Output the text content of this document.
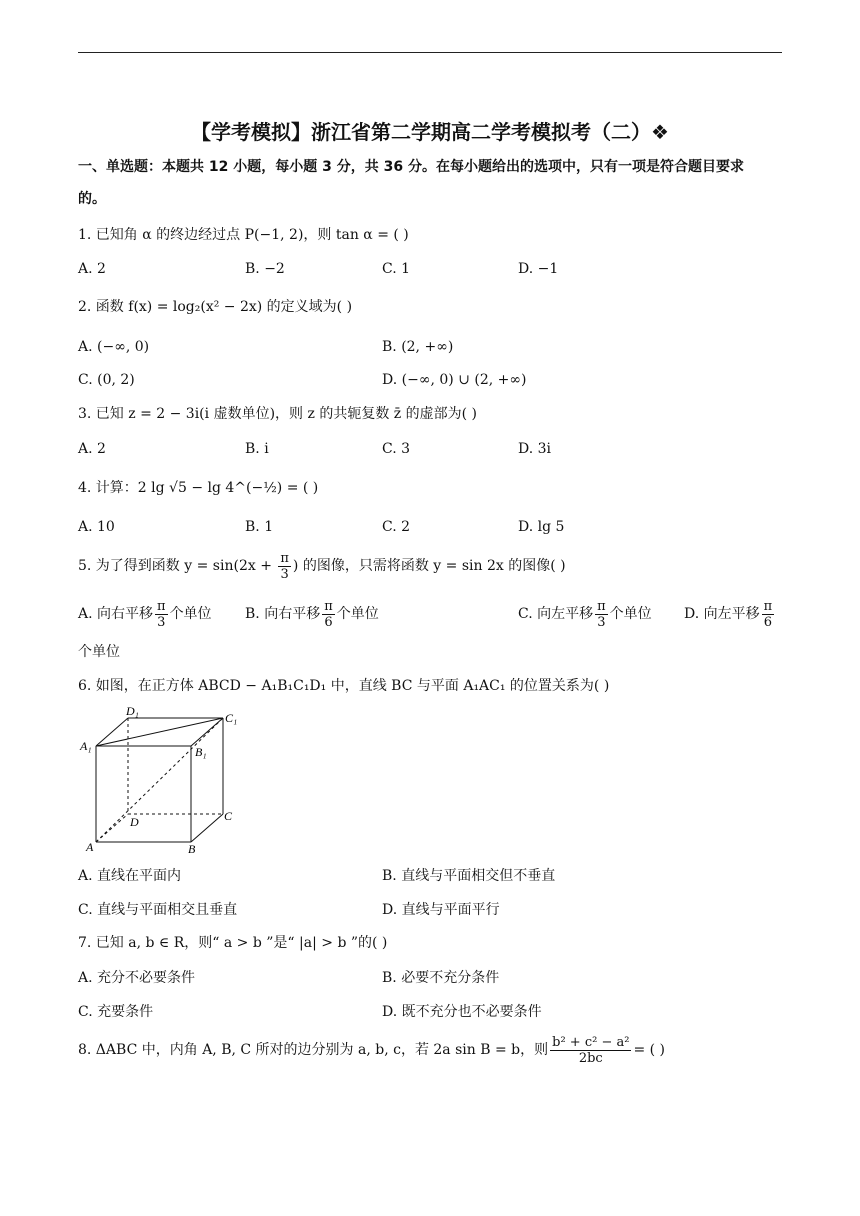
【学考模拟】浙江省第二学期高二学考模拟考（二）❖
一、单选题：本题共 12 小题，每小题 3 分，共 36 分。在每小题给出的选项中，只有一项是符合题目要求
的。
1. 已知角 α 的终边经过点 P(−1, 2)，则 tan α = ( )
A. 2	B. −2	C. 1	D. −1
2. 函数 f(x) = log₂(x² − 2x) 的定义域为( )
A. (−∞, 0)	B. (2, +∞)
C. (0, 2)	D. (−∞, 0) ∪ (2, +∞)
3. 已知 z = 2 − 3i(i 虚数单位)，则 z 的共轭复数 z̄ 的虚部为( )
A. 2	B. i	C. 3	D. 3i
4. 计算：2 lg √5 − lg 4^(−½) = ( )
A. 10	B. 1	C. 2	D. lg 5
5. 为了得到函数 $y = \sin(2x + \frac{\pi}{3}$ ) 的图像，只需将函数 y = sin 2x 的图像( )
A. 向右平移 $\frac{\pi}{3}$ 个单位 B. 向右平移 $\frac{\pi}{6}$ 个单位	C. 向左平移 $\frac{\pi}{3}$ 个单位 D. 向左平移 $\frac{\pi}{6}$
个单位
6. 如图，在正方体 ABCD − A₁B₁C₁D₁ 中，直线 BC 与平面 A₁AC₁ 的位置关系为( )
D₁	C₁
A₁	B₁
D	C
A	B
A. 直线在平面内	B. 直线与平面相交但不垂直
C. 直线与平面相交且垂直	D. 直线与平面平行
7. 已知 a, b ∈ R，则“ a > b ”是“ |a| > b ”的( )
A. 充分不必要条件	B. 必要不充分条件
C. 充要条件	D. 既不充分也不必要条件
8. ΔABC 中，内角 A, B, C 所对的边分别为 a, b, c，若 2a sin B = b，则 $\frac{\text{b² + c² − a²}}{2bc}$ = ( )
